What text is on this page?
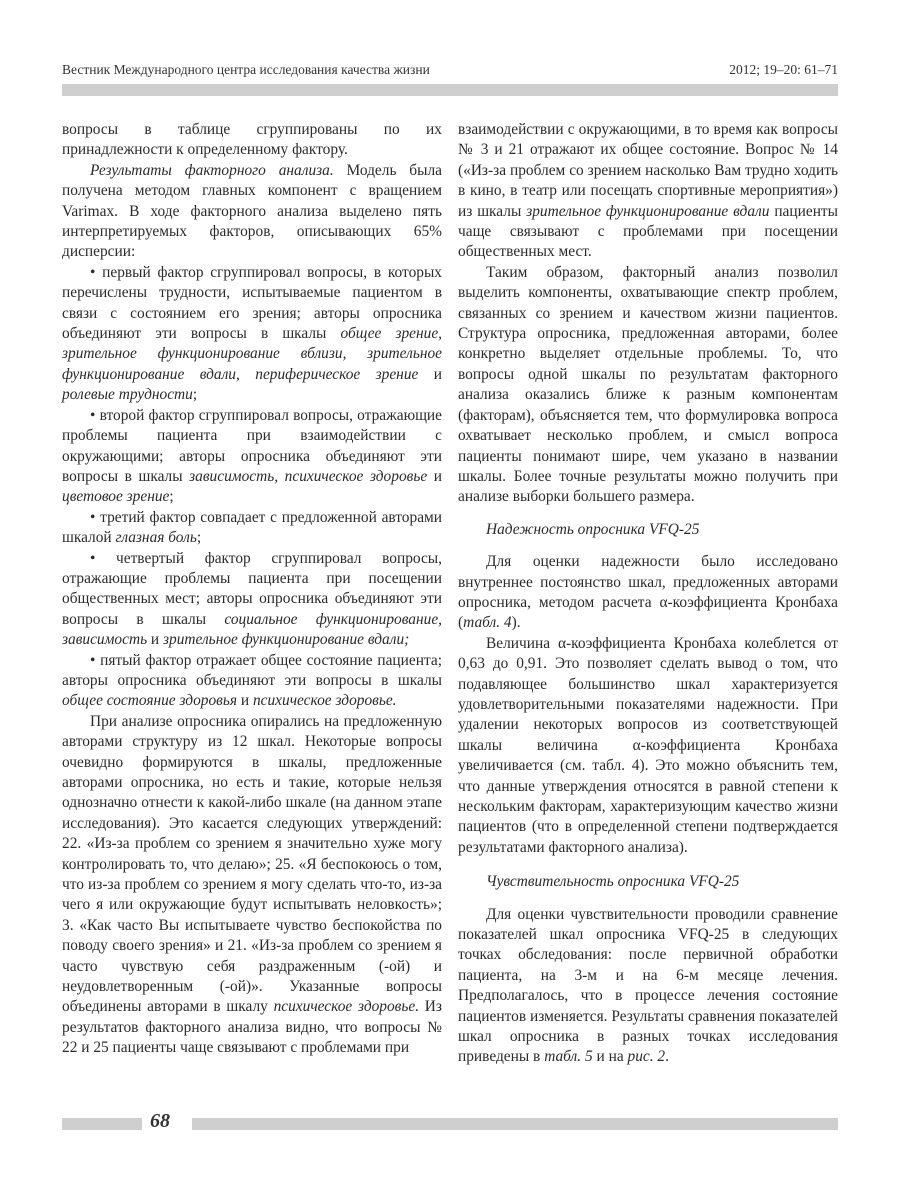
Вестник Международного центра исследования качества жизни	2012; 19–20: 61–71

вопросы в таблице сгруппированы по их принадлежности к определенному фактору.

Результаты факторного анализа. Модель была получена методом главных компонент с вращением Varimax. В ходе факторного анализа выделено пять интерпретируемых факторов, описывающих 65% дисперсии:

• первый фактор сгруппировал вопросы, в которых перечислены трудности, испытываемые пациентом в связи с состоянием его зрения; авторы опросника объединяют эти вопросы в шкалы общее зрение, зрительное функционирование вблизи, зрительное функционирование вдали, периферическое зрение и ролевые трудности;

• второй фактор сгруппировал вопросы, отражающие проблемы пациента при взаимодействии с окружающими; авторы опросника объединяют эти вопросы в шкалы зависимость, психическое здоровье и цветовое зрение;

• третий фактор совпадает с предложенной авторами шкалой глазная боль;

• четвертый фактор сгруппировал вопросы, отражающие проблемы пациента при посещении общественных мест; авторы опросника объединяют эти вопросы в шкалы социальное функционирование, зависимость и зрительное функционирование вдали;

• пятый фактор отражает общее состояние пациента; авторы опросника объединяют эти вопросы в шкалы общее состояние здоровья и психическое здоровье.

При анализе опросника опирались на предложенную авторами структуру из 12 шкал. Некоторые вопросы очевидно формируются в шкалы, предложенные авторами опросника, но есть и такие, которые нельзя однозначно отнести к какой-либо шкале (на данном этапе исследования). Это касается следующих утверждений: 22. «Из-за проблем со зрением я значительно хуже могу контролировать то, что делаю»; 25. «Я беспокоюсь о том, что из-за проблем со зрением я могу сделать что-то, из-за чего я или окружающие будут испытывать неловкость»; 3. «Как часто Вы испытываете чувство беспокойства по поводу своего зрения» и 21. «Из-за проблем со зрением я часто чувствую себя раздраженным (-ой) и неудовлетворенным (-ой)». Указанные вопросы объединены авторами в шкалу психическое здоровье. Из результатов факторного анализа видно, что вопросы № 22 и 25 пациенты чаще связывают с проблемами при

взаимодействии с окружающими, в то время как вопросы № 3 и 21 отражают их общее состояние. Вопрос № 14 («Из-за проблем со зрением насколько Вам трудно ходить в кино, в театр или посещать спортивные мероприятия») из шкалы зрительное функционирование вдали пациенты чаще связывают с проблемами при посещении общественных мест.

Таким образом, факторный анализ позволил выделить компоненты, охватывающие спектр проблем, связанных со зрением и качеством жизни пациентов. Структура опросника, предложенная авторами, более конкретно выделяет отдельные проблемы. То, что вопросы одной шкалы по результатам факторного анализа оказались ближе к разным компонентам (факторам), объясняется тем, что формулировка вопроса охватывает несколько проблем, и смысл вопроса пациенты понимают шире, чем указано в названии шкалы. Более точные результаты можно получить при анализе выборки большего размера.

Надежность опросника VFQ-25

Для оценки надежности было исследовано внутреннее постоянство шкал, предложенных авторами опросника, методом расчета α-коэффициента Кронбаха (табл. 4).

Величина α-коэффициента Кронбаха колеблется от 0,63 до 0,91. Это позволяет сделать вывод о том, что подавляющее большинство шкал характеризуется удовлетворительными показателями надежности. При удалении некоторых вопросов из соответствующей шкалы величина α-коэффициента Кронбаха увеличивается (см. табл. 4). Это можно объяснить тем, что данные утверждения относятся в равной степени к нескольким факторам, характеризующим качество жизни пациентов (что в определенной степени подтверждается результатами факторного анализа).

Чувствительность опросника VFQ-25

Для оценки чувствительности проводили сравнение показателей шкал опросника VFQ-25 в следующих точках обследования: после первичной обработки пациента, на 3-м и на 6-м месяце лечения. Предполагалось, что в процессе лечения состояние пациентов изменяется. Результаты сравнения показателей шкал опросника в разных точках исследования приведены в табл. 5 и на рис. 2.

68
